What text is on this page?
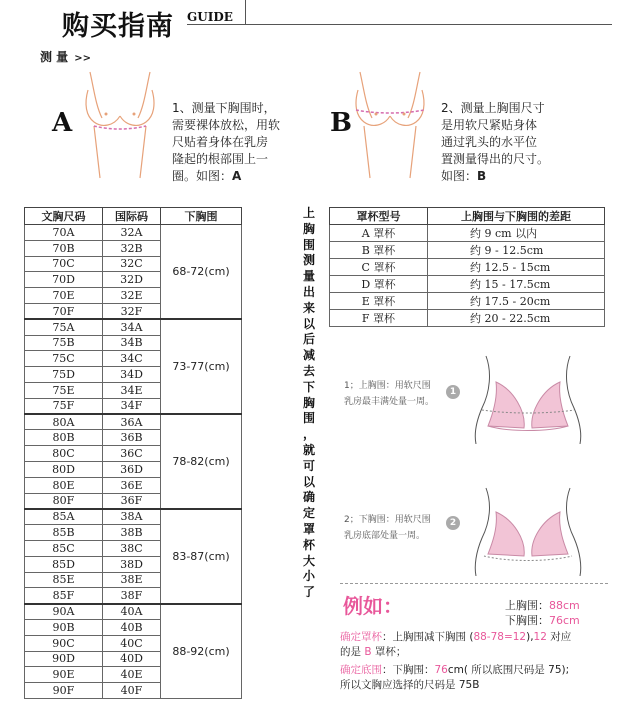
购买指南 GUIDE
测 量 >>
A	1、测量下胸围时，
需要裸体放松，用软
尺贴着身体在乳房
隆起的根部围上一
圈。如图：A
B	2、测量上胸围尺寸
是用软尺紧贴身体
通过乳头的水平位
置测量得出的尺寸。
如图：B
文胸尺码	国际码	下胸围
70A	32A	68-72(cm)
70B	32B	
70C	32C	
70D	32D	
70E	32E	
70F	32F	
75A	34A	73-77(cm)
75B	34B	
75C	34C	
75D	34D	
75E	34E	
75F	34F	
80A	36A	78-82(cm)
80B	36B	
80C	36C	
80D	36D	
80E	36E	
80F	36F	
85A	38A	83-87(cm)
85B	38B	
85C	38C	
85D	38D	
85E	38E	
85F	38F	
90A	40A	88-92(cm)
90B	40B	
90C	40C	
90D	40D	
90E	40E	
90F	40F	
上
胸
围
测
量
出
来
以
后
减
去
下
胸
围
，
就
可
以
确
定
罩
杯
大
小
了
罩杯型号	上胸围与下胸围的差距
A 罩杯	约 9 cm 以内
B 罩杯	约 9 - 12.5cm
C 罩杯	约 12.5 - 15cm
D 罩杯	约 15 - 17.5cm
E 罩杯	约 17.5 - 20cm
F 罩杯	约 20 - 22.5cm
1；上胸围：用软尺围
乳房最丰满处量一周。
1
2；下胸围：用软尺围
乳房底部处量一周。
2
例如：	上胸围：88cm
下胸围：76cm
确定罩杯：上胸围减下胸围 (88-78=12),12 对应
的是 B 罩杯；
确定底围：下胸围：76cm( 所以底围尺码是 75);
所以文胸应选择的尺码是 75B
